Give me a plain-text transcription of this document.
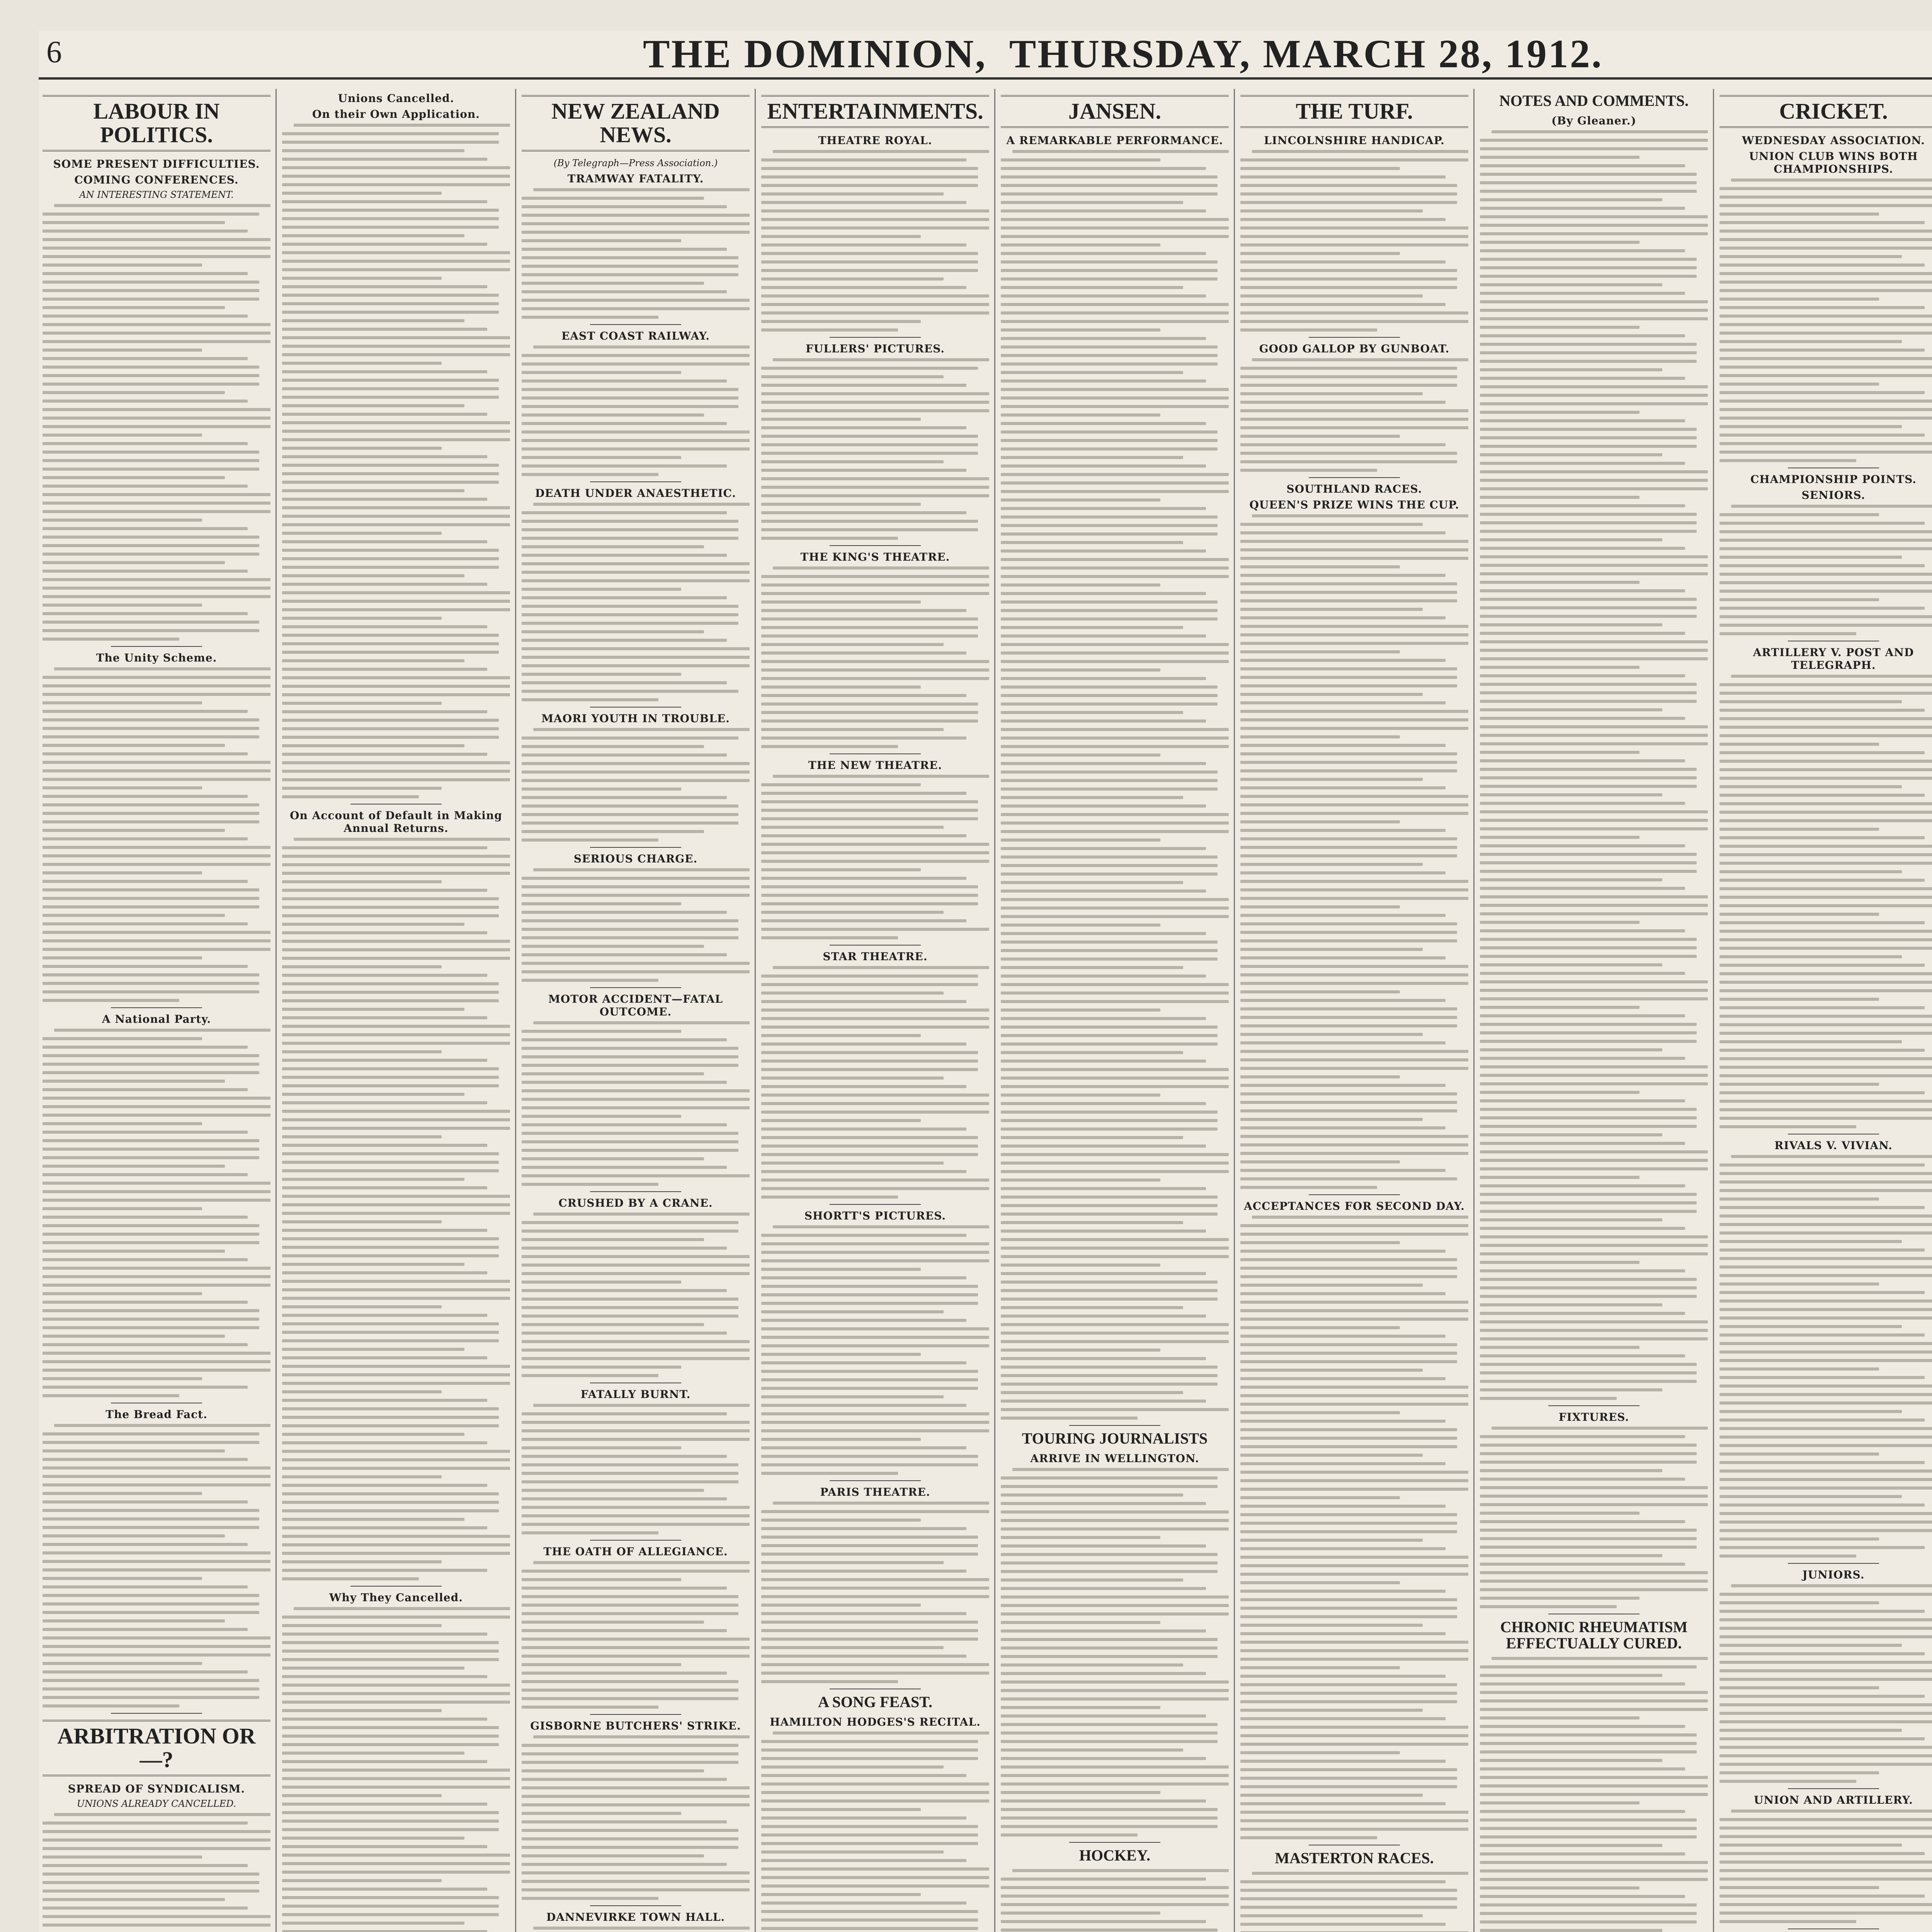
6	THE DOMINION, THURSDAY, MARCH 28, 1912.
LABOUR IN POLITICS.
SOME PRESENT DIFFICULTIES.
COMING CONFERENCES.
AN INTERESTING STATEMENT.
The Unity Scheme.
A National Party.
The Bread Fact.
ARBITRATION OR —?
SPREAD OF SYNDICALISM.
UNIONS ALREADY CANCELLED.
Unions Cancelled.
On their Own Application.
On Account of Default in Making Annual Returns.
Why They Cancelled.
NEW ZEALAND NEWS.
(By Telegraph—Press Association.)
TRAMWAY FATALITY.
EAST COAST RAILWAY.
DEATH UNDER ANAESTHETIC.
MAORI YOUTH IN TROUBLE.
SERIOUS CHARGE.
MOTOR ACCIDENT—FATAL OUTCOME.
CRUSHED BY A CRANE.
FATALLY BURNT.
THE OATH OF ALLEGIANCE.
GISBORNE BUTCHERS' STRIKE.
DANNEVIRKE TOWN HALL.
ENTERTAINMENTS.
THEATRE ROYAL.
FULLERS' PICTURES.
THE KING'S THEATRE.
THE NEW THEATRE.
STAR THEATRE.
SHORTT'S PICTURES.
PARIS THEATRE.
A SONG FEAST.
HAMILTON HODGES'S RECITAL.
JANSEN.
A REMARKABLE PERFORMANCE.
TOURING JOURNALISTS
ARRIVE IN WELLINGTON.
HOCKEY.
THE TURF.
LINCOLNSHIRE HANDICAP.
GOOD GALLOP BY GUNBOAT.
SOUTHLAND RACES.
QUEEN'S PRIZE WINS THE CUP.
ACCEPTANCES FOR SECOND DAY.
MASTERTON RACES.
NOTES AND COMMENTS.
(By Gleaner.)
FIXTURES.
CHRONIC RHEUMATISM EFFECTUALLY CURED.
CRICKET.
WEDNESDAY ASSOCIATION.
UNION CLUB WINS BOTH CHAMPIONSHIPS.
CHAMPIONSHIP POINTS.
SENIORS.
ARTILLERY V. POST AND TELEGRAPH.
RIVALS V. VIVIAN.
JUNIORS.
UNION AND ARTILLERY.
